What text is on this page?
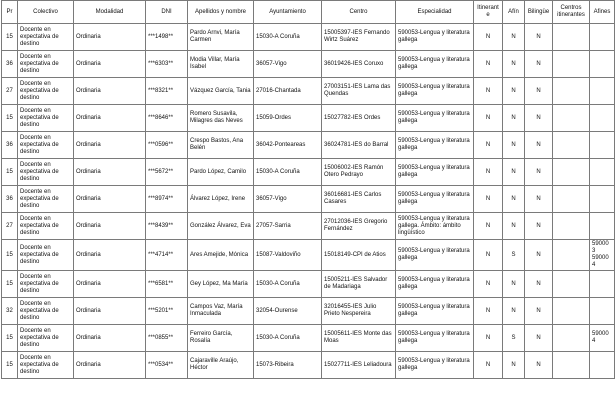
Pr	Colectivo	Modalidad	DNI	Apellidos y nombre	Ayuntamiento	Centro	Especialidad	Itinerante	Afín	Bilingüe	Centros itinerantes	Afines
15	Docente en expectativa de destino	Ordinaria	***1498**	Pardo Arnvi, María Carmen	15030-A Coruña	15005397-IES Fernando Wirtz Suárez	590053-Lengua y literatura gallega	N	N	N		
36	Docente en expectativa de destino	Ordinaria	***6303**	Modia Villar, María Isabel	36057-Vigo	36019426-IES Coruxo	590053-Lengua y literatura gallega	N	N	N		
27	Docente en expectativa de destino	Ordinaria	***8321**	Vázquez García, Tania	27016-Chantada	27003151-IES Lama das Quendas	590053-Lengua y literatura gallega	N	N	N		
15	Docente en expectativa de destino	Ordinaria	***8646**	Romero Susavila, Milagres das Neves	15059-Ordes	15027782-IES Ordes	590053-Lengua y literatura gallega	N	N	N		
36	Docente en expectativa de destino	Ordinaria	***0596**	Crespo Bastos, Ana Belén	36042-Ponteareas	36024781-IES do Barral	590053-Lengua y literatura gallega	N	N	N		
15	Docente en expectativa de destino	Ordinaria	***5672**	Pardo López, Camilo	15030-A Coruña	15006002-IES Ramón Otero Pedrayo	590053-Lengua y literatura gallega	N	N	N		
36	Docente en expectativa de destino	Ordinaria	***8974**	Álvarez López, Irene	36057-Vigo	36016681-IES Carlos Casares	590053-Lengua y literatura gallega	N	N	N		
27	Docente en expectativa de destino	Ordinaria	***8439**	González Álvarez, Eva	27057-Sarria	27012036-IES Gregorio Fernández	590053-Lengua y literatura gallega. Ámbito: ámbito lingüístico	N	N	N		
15	Docente en expectativa de destino	Ordinaria	***4714**	Ares Amejide, Mónica	15087-Valdoviño	15018149-CPI de Atios	590053-Lengua y literatura gallega	N	S	N		590003 590004
15	Docente en expectativa de destino	Ordinaria	***6581**	Gey López, Ma María	15030-A Coruña	15005211-IES Salvador de Madariaga	590053-Lengua y literatura gallega	N	N	N		
32	Docente en expectativa de destino	Ordinaria	***5201**	Campos Vaz, María Inmaculada	32054-Ourense	32016455-IES Julio Prieto Nespereira	590053-Lengua y literatura gallega	N	N	N		
15	Docente en expectativa de destino	Ordinaria	***0855**	Ferreiro García, Rosalía	15030-A Coruña	15005611-IES Monte das Moas	590053-Lengua y literatura gallega	N	S	N		590004
15	Docente en expectativa de destino	Ordinaria	***0534**	Cajaraville Araújo, Héctor	15073-Ribeira	15027711-IES Leliadoura	590053-Lengua y literatura gallega	N	N	N		
